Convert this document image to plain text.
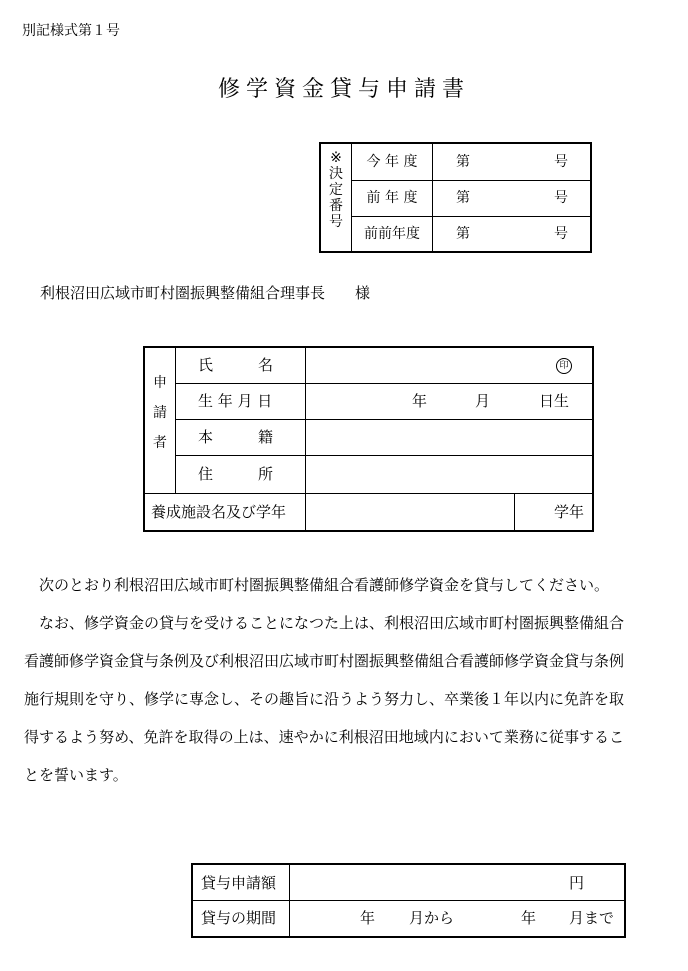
別記様式第１号
修学資金貸与申請書
※
決
定
番
号
今 年 度	第	号
前 年 度	第	号
前前年度	第	号
利根沼田広域市町村圏振興整備組合理事長　　様
申
請
者
氏　　　名	印
生 年 月 日	年	月	日生
本　　　籍
住　　　所
養成施設名及び学年	学年

次のとおり利根沼田広域市町村圏振興整備組合看護師修学資金を貸与してください。

なお、修学資金の貸与を受けることになつた上は、利根沼田広域市町村圏振興整備組合看護師修学資金貸与条例及び利根沼田広域市町村圏振興整備組合看護師修学資金貸与条例施行規則を守り、修学に専念し、その趣旨に沿うよう努力し、卒業後１年以内に免許を取得するよう努め、免許を取得の上は、速やかに利根沼田地域内において業務に従事することを誓います。

貸与申請額	円
貸与の期間	年 月から	年 月まで
